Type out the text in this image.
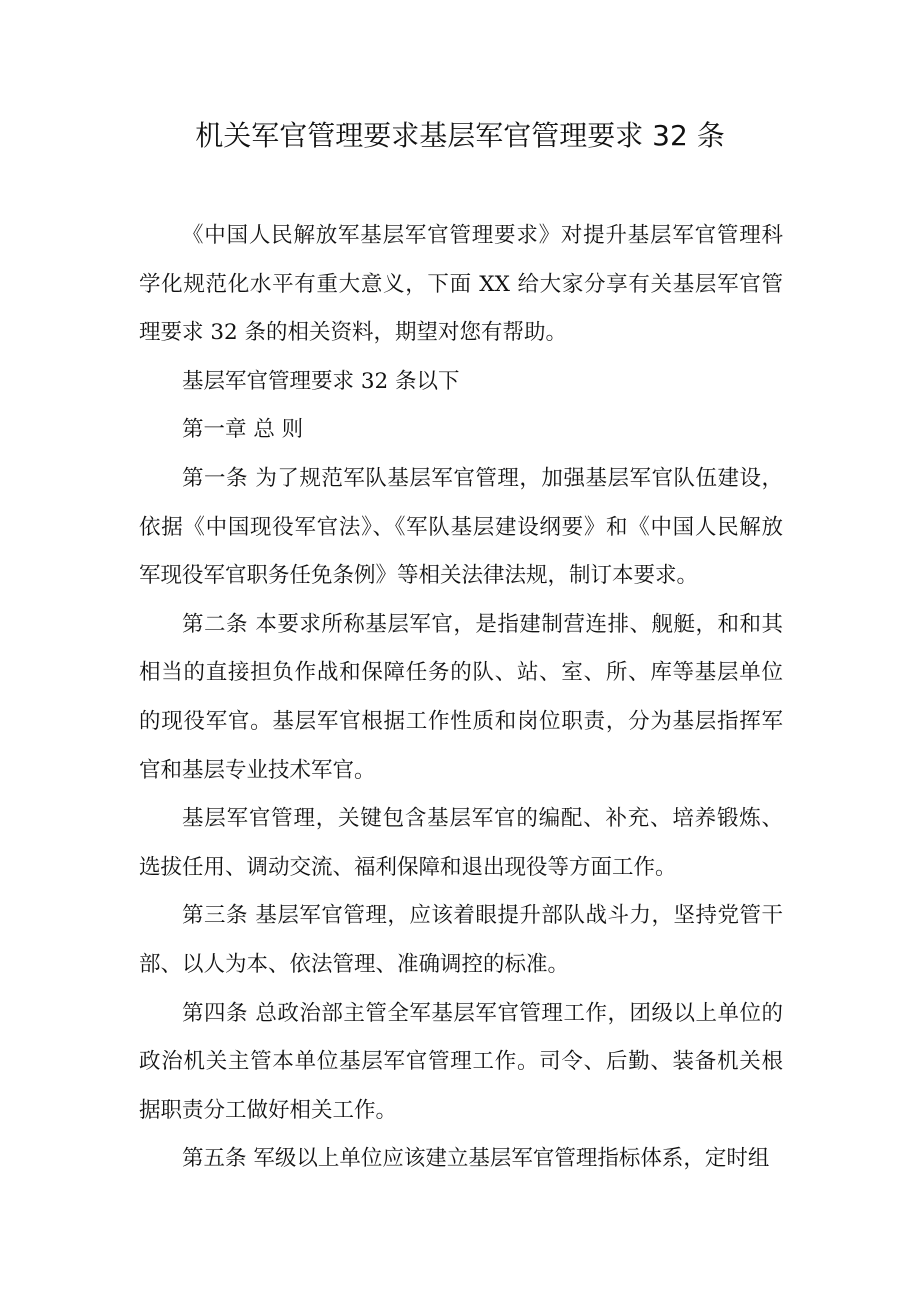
机关军官管理要求基层军官管理要求 32 条

《中国人民解放军基层军官管理要求》对提升基层军官管理科学化规范化水平有重大意义，下面 XX 给大家分享有关基层军官管理要求 32 条的相关资料，期望对您有帮助。

基层军官管理要求 32 条以下

第一章 总 则

第一条 为了规范军队基层军官管理，加强基层军官队伍建设，依据《中国现役军官法》、《军队基层建设纲要》和《中国人民解放军现役军官职务任免条例》等相关法律法规，制订本要求。

第二条 本要求所称基层军官，是指建制营连排、舰艇，和和其相当的直接担负作战和保障任务的队、站、室、所、库等基层单位的现役军官。基层军官根据工作性质和岗位职责，分为基层指挥军官和基层专业技术军官。

基层军官管理，关键包含基层军官的编配、补充、培养锻炼、选拔任用、调动交流、福利保障和退出现役等方面工作。

第三条 基层军官管理，应该着眼提升部队战斗力，坚持党管干部、以人为本、依法管理、准确调控的标准。

第四条 总政治部主管全军基层军官管理工作，团级以上单位的政治机关主管本单位基层军官管理工作。司令、后勤、装备机关根据职责分工做好相关工作。

第五条 军级以上单位应该建立基层军官管理指标体系，定时组
